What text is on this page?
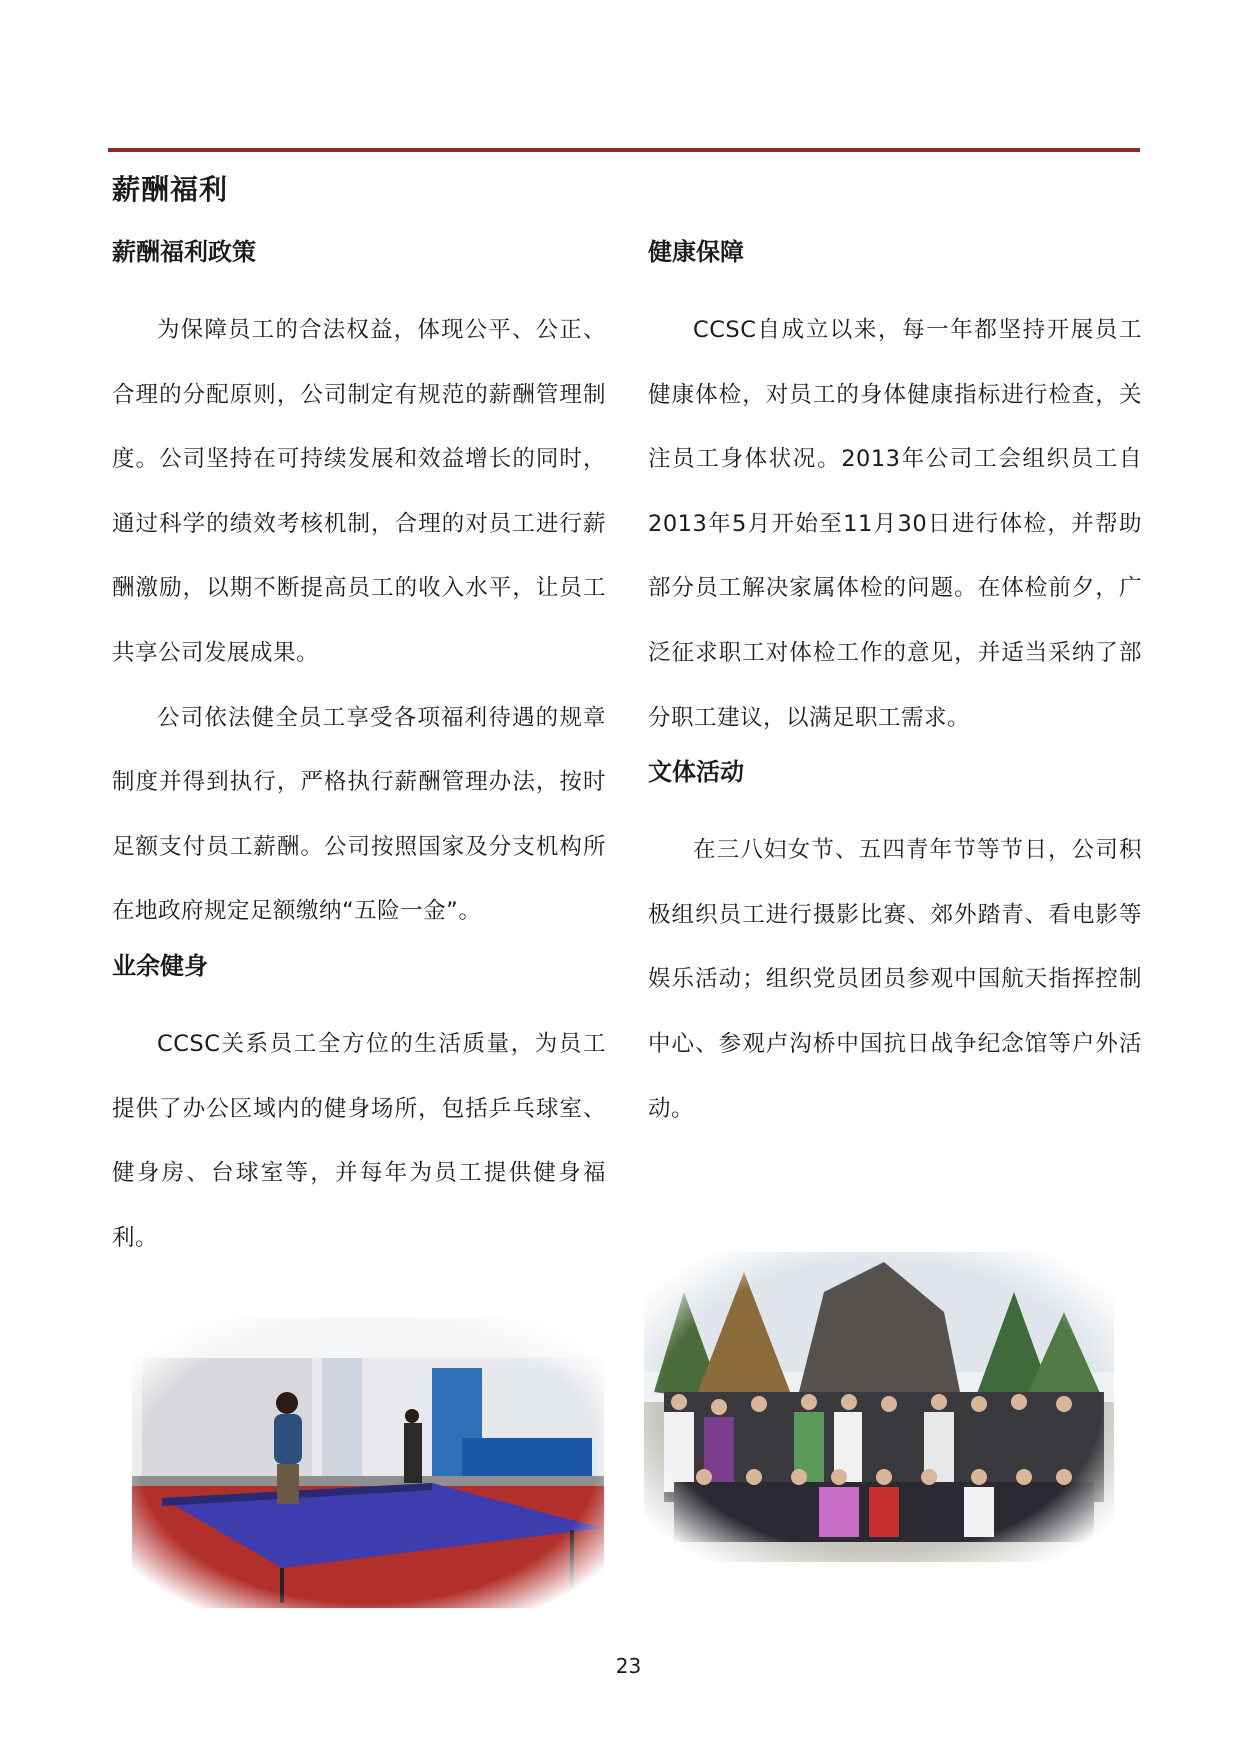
薪酬福利
薪酬福利政策

为保障员工的合法权益，体现公平、公正、合理的分配原则，公司制定有规范的薪酬管理制度。公司坚持在可持续发展和效益增长的同时，通过科学的绩效考核机制，合理的对员工进行薪酬激励，以期不断提高员工的收入水平，让员工共享公司发展成果。

公司依法健全员工享受各项福利待遇的规章制度并得到执行，严格执行薪酬管理办法，按时足额支付员工薪酬。公司按照国家及分支机构所在地政府规定足额缴纳“五险一金”。

业余健身

CCSC关系员工全方位的生活质量，为员工提供了办公区域内的健身场所，包括乒乓球室、健身房、台球室等，并每年为员工提供健身福利。

健康保障

CCSC自成立以来，每一年都坚持开展员工健康体检，对员工的身体健康指标进行检查，关注员工身体状况。2013年公司工会组织员工自2013年5月开始至11月30日进行体检，并帮助部分员工解决家属体检的问题。在体检前夕，广泛征求职工对体检工作的意见，并适当采纳了部分职工建议，以满足职工需求。

文体活动

在三八妇女节、五四青年节等节日，公司积极组织员工进行摄影比赛、郊外踏青、看电影等娱乐活动；组织党员团员参观中国航天指挥控制中心、参观卢沟桥中国抗日战争纪念馆等户外活动。

23
